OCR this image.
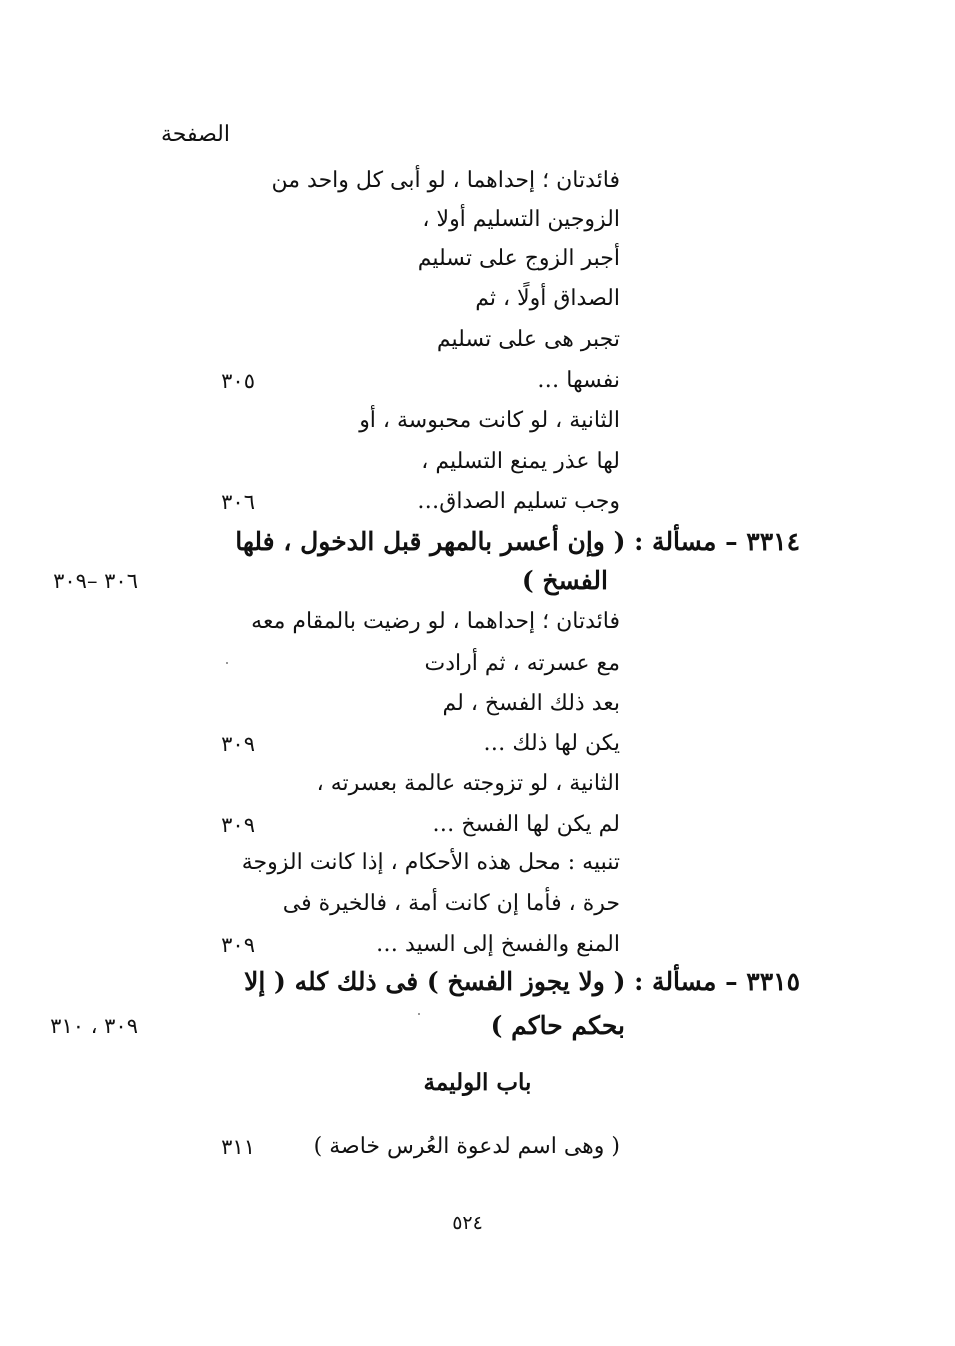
الصفحة
فائدتان ؛ إحداهما ، لو أبى كل واحد من
الزوجين التسليم أولا ،
أجبر الزوج على تسليم
الصداق أولًا ، ثم
تجبر هى على تسليم
نفسها …
٣٠٥
الثانية ، لو كانت محبوسة ، أو
لها عذر يمنع التسليم ،
وجب تسليم الصداق…
٣٠٦
٣٣١٤ – مسألة : ( وإن أعسر بالمهر قبل الدخول ، فلها
الفسخ )
٣٠٦ –٣٠٩
فائدتان ؛ إحداهما ، لو رضيت بالمقام معه
مع عسرته ، ثم أرادت
بعد ذلك الفسخ ، لم
يكن لها ذلك …
٣٠٩
الثانية ، لو تزوجته عالمة بعسرته ،
لم يكن لها الفسخ …
٣٠٩
تنبيه : محل هذه الأحكام ، إذا كانت الزوجة
حرة ، فأما إن كانت أمة ، فالخيرة فى
المنع والفسخ إلى السيد …
٣٠٩
٣٣١٥ – مسألة : ( ولا يجوز الفسخ ) فى ذلك كله ( إلا
بحكم حاكم )
٣٠٩ ، ٣١٠
باب الوليمة
( وهى اسم لدعوة العُرس خاصة )
٣١١
٥٢٤
